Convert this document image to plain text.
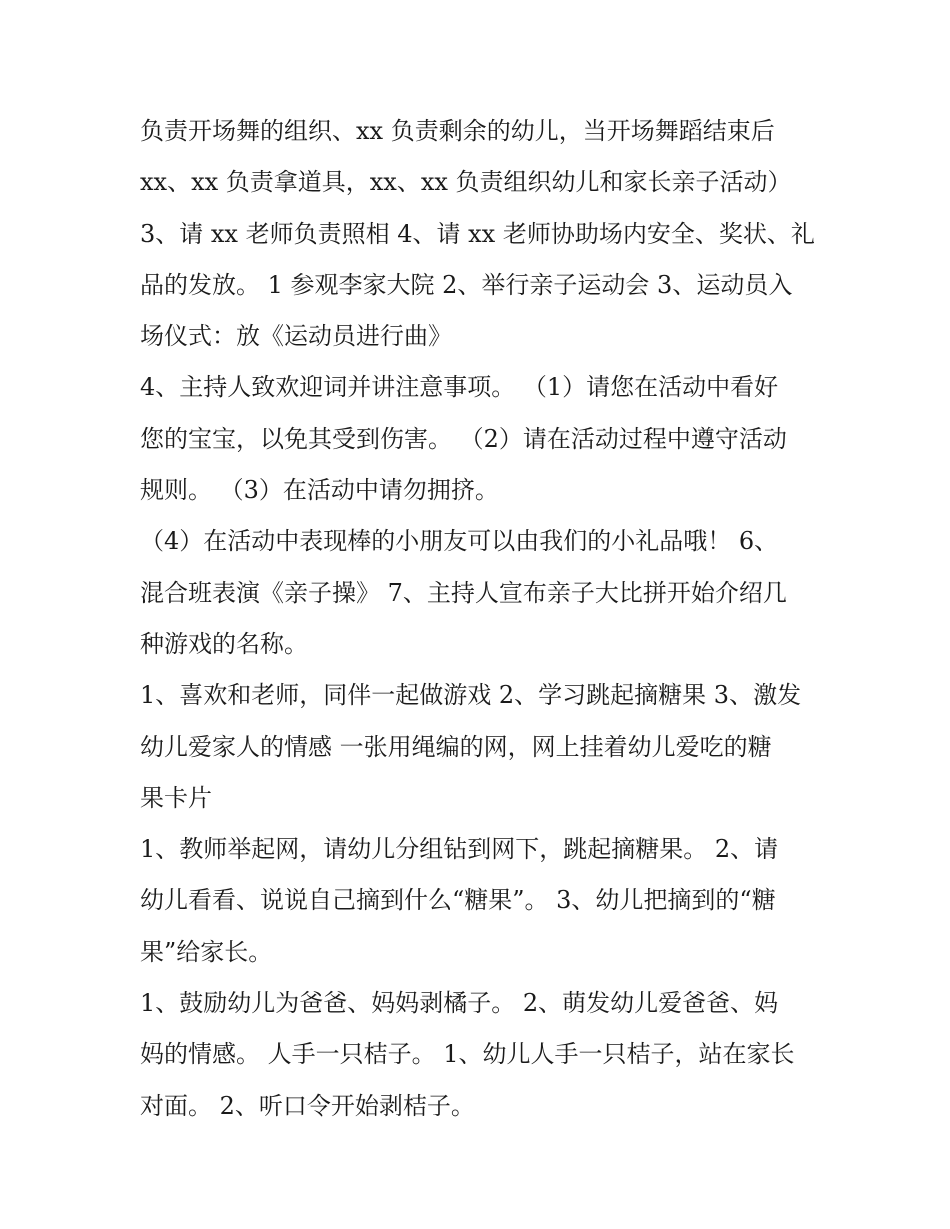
负责开场舞的组织、xx 负责剩余的幼儿，当开场舞蹈结束后
xx、xx 负责拿道具，xx、xx 负责组织幼儿和家长亲子活动）
3、请 xx 老师负责照相 4、请 xx 老师协助场内安全、奖状、礼
品的发放。 1 参观李家大院 2、举行亲子运动会 3、运动员入
场仪式：放《运动员进行曲》
4、主持人致欢迎词并讲注意事项。 （1）请您在活动中看好
您的宝宝，以免其受到伤害。 （2）请在活动过程中遵守活动
规则。 （3）在活动中请勿拥挤。
（4）在活动中表现棒的小朋友可以由我们的小礼品哦！ 6、
混合班表演《亲子操》 7、主持人宣布亲子大比拼开始介绍几
种游戏的名称。
1、喜欢和老师，同伴一起做游戏 2、学习跳起摘糖果 3、激发
幼儿爱家人的情感 一张用绳编的网，网上挂着幼儿爱吃的糖
果卡片
1、教师举起网，请幼儿分组钻到网下，跳起摘糖果。 2、请
幼儿看看、说说自己摘到什么“糖果”。 3、幼儿把摘到的“糖
果”给家长。
1、鼓励幼儿为爸爸、妈妈剥橘子。 2、萌发幼儿爱爸爸、妈
妈的情感。 人手一只桔子。 1、幼儿人手一只桔子，站在家长
对面。 2、听口令开始剥桔子。
